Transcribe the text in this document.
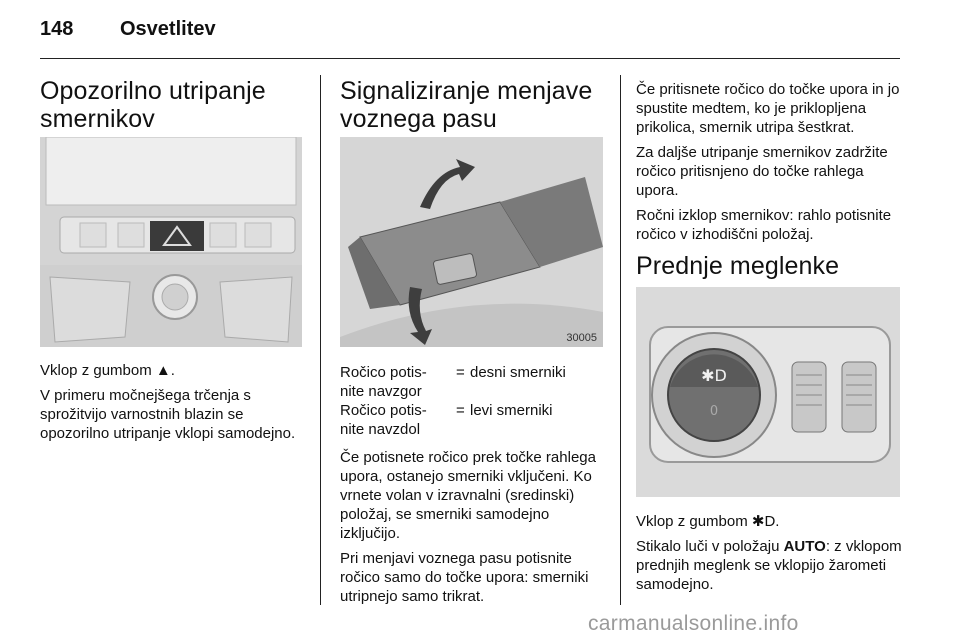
148 Osvetlitev
Opozorilno utripanje smernikov

Vklop z gumbom ▲.

V primeru močnejšega trčenja s sprožitvijo varnostnih blazin se opozorilno utripanje vklopi samodejno.

Signaliziranje menjave voznega pasu
30005
Ročico potis-nite navzgor
= desni smerniki
Ročico potis-nite navzdol
= levi smerniki

Če potisnete ročico prek točke rahlega upora, ostanejo smerniki vključeni. Ko vrnete volan v izravnalni (sredinski) položaj, se smerniki samodejno izključijo.

Pri menjavi voznega pasu potisnite ročico samo do točke upora: smerniki utripnejo samo trikrat.

Če pritisnete ročico do točke upora in jo spustite medtem, ko je priklopljena prikolica, smernik utripa šestkrat.

Za daljše utripanje smernikov zadržite ročico pritisnjeno do točke rahlega upora.

Ročni izklop smernikov: rahlo potisnite ročico v izhodiščni položaj.

Prednje meglenke
✱D
0

Vklop z gumbom ✱D.

Stikalo luči v položaju AUTO: z vklopom prednjih meglenk se vklopijo žarometi samodejno.

carmanualsonline.info
